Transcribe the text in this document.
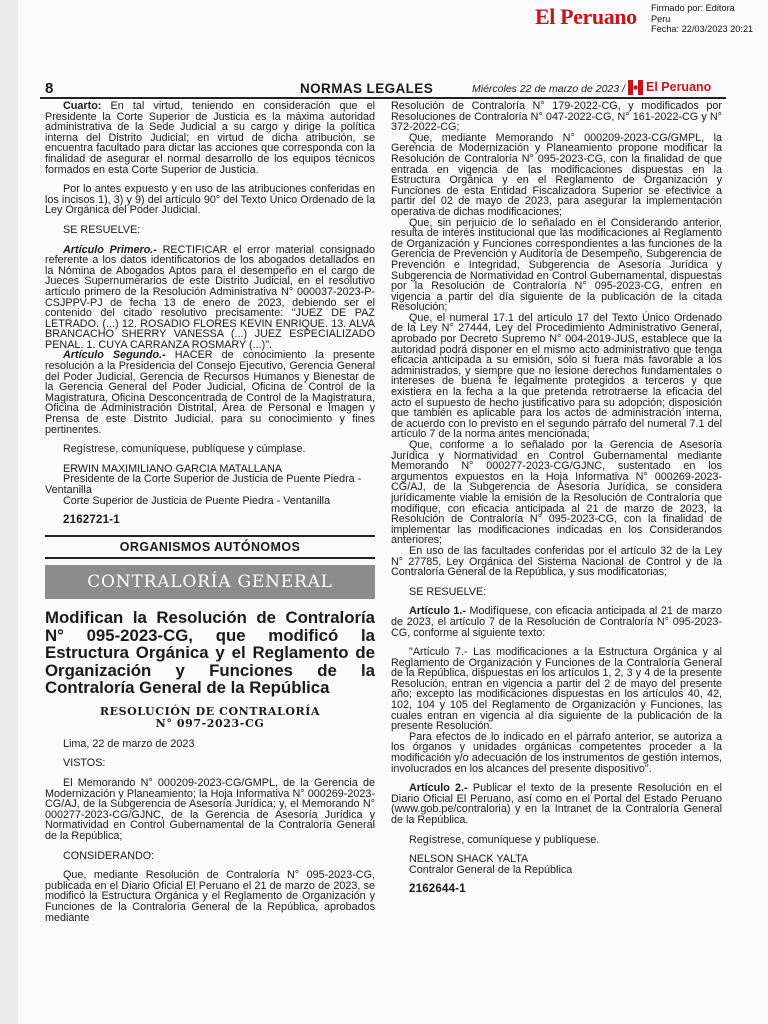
El Peruano Firmado por: Editora
Peru
Fecha: 22/03/2023 20:21
8	NORMAS LEGALES	Miércoles 22 de marzo de 2023 / El Peruano

Cuarto: En tal virtud, teniendo en consideración que el Presidente la Corte Superior de Justicia es la máxima autoridad administrativa de la Sede Judicial a su cargo y dirige la política interna del Distrito Judicial; en virtud de dicha atribución, se encuentra facultado para dictar las acciones que corresponda con la finalidad de asegurar el normal desarrollo de los equipos técnicos formados en esta Corte Superior de Justicia.

Por lo antes expuesto y en uso de las atribuciones conferidas en los incisos 1), 3) y 9) del artículo 90° del Texto Único Ordenado de la Ley Orgánica del Poder Judicial.

SE RESUELVE:

Artículo Primero.- RECTIFICAR el error material consignado referente a los datos identificatorios de los abogados detallados en la Nómina de Abogados Aptos para el desempeño en el cargo de Jueces Supernumerarios de este Distrito Judicial, en el resolutivo artículo primero de la Resolución Administrativa N° 000037-2023-P-CSJPPV-PJ de fecha 13 de enero de 2023, debiendo ser el contenido del citado resolutivo precisamente: "JUEZ DE PAZ LETRADO. (...) 12. ROSADIO FLORES KEVIN ENRIQUE. 13. ALVA BRANCACHO SHERRY VANESSA (...) JUEZ ESPECIALIZADO PENAL. 1. CUYA CARRANZA ROSMARY (...)".

Artículo Segundo.- HACER de conocimiento la presente resolución a la Presidencia del Consejo Ejecutivo, Gerencia General del Poder Judicial, Gerencia de Recursos Humanos y Bienestar de la Gerencia General del Poder Judicial, Oficina de Control de la Magistratura, Oficina Desconcentrada de Control de la Magistratura, Oficina de Administración Distrital, Área de Personal e Imagen y Prensa de este Distrito Judicial, para su conocimiento y fines pertinentes.

Regístrese, comuníquese, publíquese y cúmplase.

ERWIN MAXIMILIANO GARCIA MATALLANA

Presidente de la Corte Superior de Justicia de Puente Piedra - Ventanilla

Corte Superior de Justicia de Puente Piedra - Ventanilla

2162721-1

ORGANISMOS AUTÓNOMOS
CONTRALORÍA GENERAL
Modifican la Resolución de Contraloría N° 095-2023-CG, que modificó la Estructura Orgánica y el Reglamento de Organización y Funciones de la Contraloría General de la República
RESOLUCIÓN DE CONTRALORÍA
N° 097-2023-CG

Lima, 22 de marzo de 2023

VISTOS:

El Memorando N° 000209-2023-CG/GMPL, de la Gerencia de Modernización y Planeamiento; la Hoja Informativa N° 000269-2023-CG/AJ, de la Subgerencia de Asesoría Jurídica; y, el Memorando N° 000277-2023-CG/GJNC, de la Gerencia de Asesoría Jurídica y Normatividad en Control Gubernamental de la Contraloría General de la República;

CONSIDERANDO:

Que, mediante Resolución de Contraloría N° 095-2023-CG, publicada en el Diario Oficial El Peruano el 21 de marzo de 2023, se modificó la Estructura Orgánica y el Reglamento de Organización y Funciones de la Contraloría General de la República, aprobados mediante

Resolución de Contraloría N° 179-2022-CG, y modificados por Resoluciones de Contraloría N° 047-2022-CG, N° 161-2022-CG y N° 372-2022-CG;

Que, mediante Memorando N° 000209-2023-CG/GMPL, la Gerencia de Modernización y Planeamiento propone modificar la Resolución de Contraloría N° 095-2023-CG, con la finalidad de que entrada en vigencia de las modificaciones dispuestas en la Estructura Orgánica y en el Reglamento de Organización y Funciones de esta Entidad Fiscalizadora Superior se efectivice a partir del 02 de mayo de 2023, para asegurar la implementación operativa de dichas modificaciones;

Que, sin perjuicio de lo señalado en el Considerando anterior, resulta de interés institucional que las modificaciones al Reglamento de Organización y Funciones correspondientes a las funciones de la Gerencia de Prevención y Auditoría de Desempeño, Subgerencia de Prevención e Integridad, Subgerencia de Asesoría Jurídica y Subgerencia de Normatividad en Control Gubernamental, dispuestas por la Resolución de Contraloría N° 095-2023-CG, entren en vigencia a partir del día siguiente de la publicación de la citada Resolución;

Que, el numeral 17.1 del artículo 17 del Texto Único Ordenado de la Ley N° 27444, Ley del Procedimiento Administrativo General, aprobado por Decreto Supremo N° 004-2019-JUS, establece que la autoridad podrá disponer en el mismo acto administrativo que tenga eficacia anticipada a su emisión, sólo si fuera más favorable a los administrados, y siempre que no lesione derechos fundamentales o intereses de buena fe legalmente protegidos a terceros y que existiera en la fecha a la que pretenda retrotraerse la eficacia del acto el supuesto de hecho justificativo para su adopción; disposición que también es aplicable para los actos de administración interna, de acuerdo con lo previsto en el segundo párrafo del numeral 7.1 del artículo 7 de la norma antes mencionada;

Que, conforme a lo señalado por la Gerencia de Asesoría Jurídica y Normatividad en Control Gubernamental mediante Memorando N° 000277-2023-CG/GJNC, sustentado en los argumentos expuestos en la Hoja Informativa N° 000269-2023-CG/AJ, de la Subgerencia de Asesoría Jurídica, se considera jurídicamente viable la emisión de la Resolución de Contraloría que modifique, con eficacia anticipada al 21 de marzo de 2023, la Resolución de Contraloría N° 095-2023-CG, con la finalidad de implementar las modificaciones indicadas en los Considerandos anteriores;

En uso de las facultades conferidas por el artículo 32 de la Ley N° 27785, Ley Orgánica del Sistema Nacional de Control y de la Contraloría General de la República, y sus modificatorias;

SE RESUELVE:

Artículo 1.- Modifíquese, con eficacia anticipada al 21 de marzo de 2023, el artículo 7 de la Resolución de Contraloría N° 095-2023-CG, conforme al siguiente texto:

"Artículo 7.- Las modificaciones a la Estructura Orgánica y al Reglamento de Organización y Funciones de la Contraloría General de la República, dispuestas en los artículos 1, 2, 3 y 4 de la presente Resolución, entran en vigencia a partir del 2 de mayo del presente año; excepto las modificaciones dispuestas en los artículos 40, 42, 102, 104 y 105 del Reglamento de Organización y Funciones, las cuales entran en vigencia al día siguiente de la publicación de la presente Resolución.

Para efectos de lo indicado en el párrafo anterior, se autoriza a los órganos y unidades orgánicas competentes proceder a la modificación y/o adecuación de los instrumentos de gestión internos, involucrados en los alcances del presente dispositivo".

Artículo 2.- Publicar el texto de la presente Resolución en el Diario Oficial El Peruano, así como en el Portal del Estado Peruano (www.gob.pe/contraloria) y en la Intranet de la Contraloría General de la República.

Regístrese, comuníquese y publíquese.

NELSON SHACK YALTA

Contralor General de la República

2162644-1
